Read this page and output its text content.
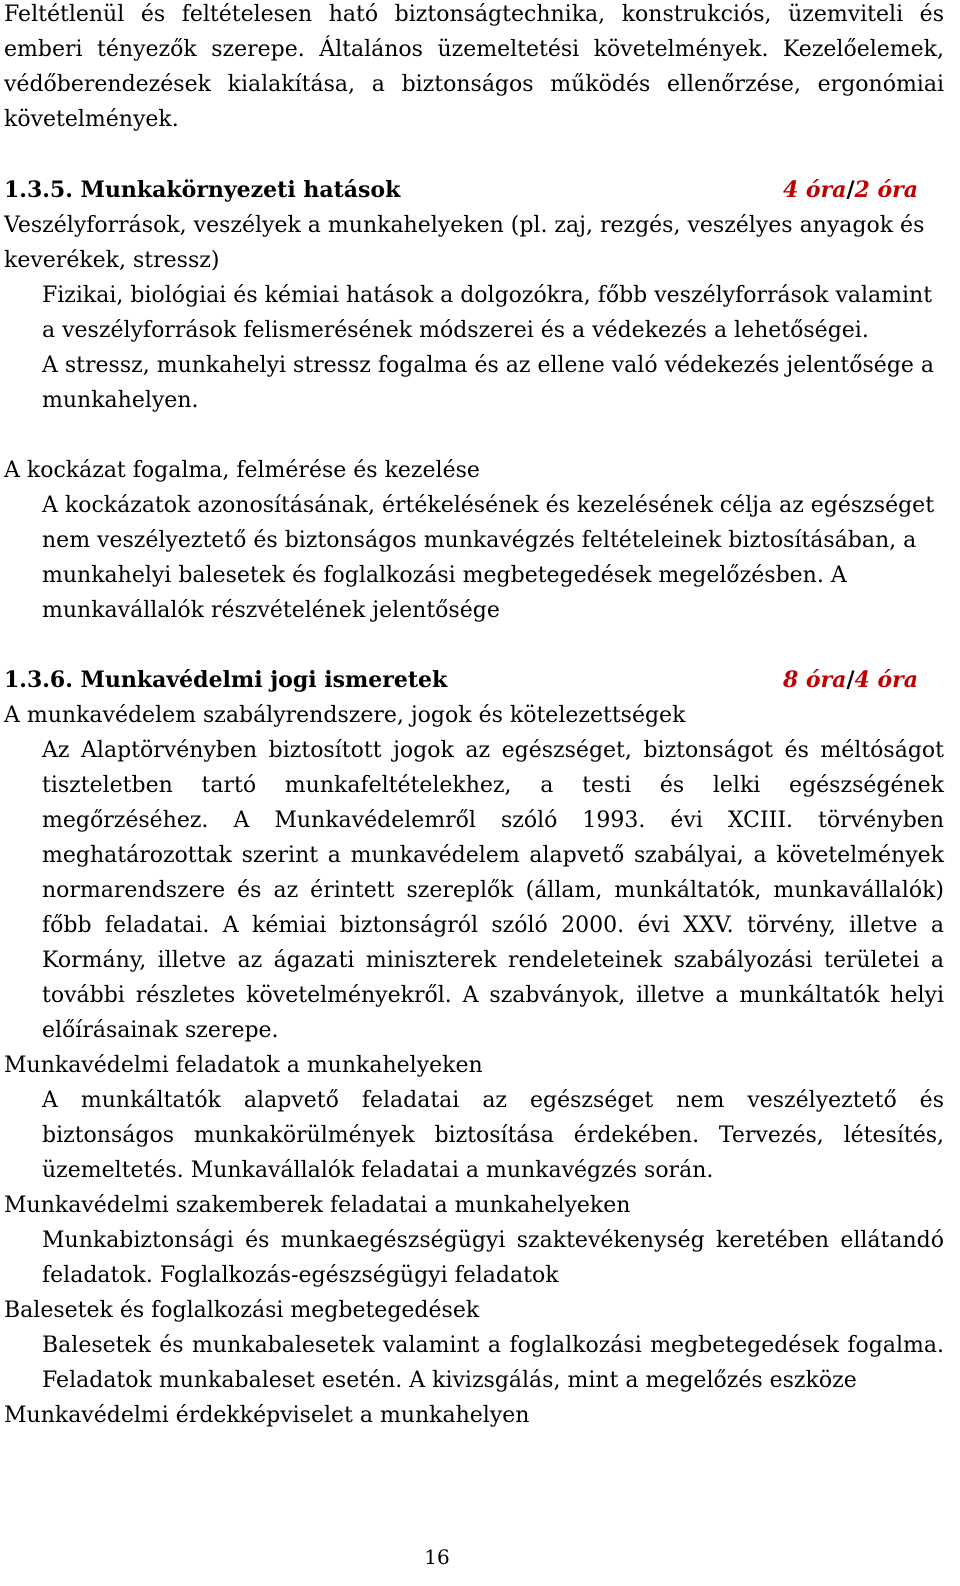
Feltétlenül és feltételesen ható biztonságtechnika, konstrukciós, üzemviteli és emberi tényezők szerepe. Általános üzemeltetési követelmények. Kezelőelemek, védőberendezések kialakítása, a biztonságos működés ellenőrzése, ergonómiai követelmények.

1.3.5. Munkakörnyezeti hatások	4 óra/2 óra

Veszélyforrások, veszélyek a munkahelyeken (pl. zaj, rezgés, veszélyes anyagok és keverékek, stressz)

Fizikai, biológiai és kémiai hatások a dolgozókra, főbb veszélyforrások valamint a veszélyforrások felismerésének módszerei és a védekezés a lehetőségei.

A stressz, munkahelyi stressz fogalma és az ellene való védekezés jelentősége a munkahelyen.

A kockázat fogalma, felmérése és kezelése

A kockázatok azonosításának, értékelésének és kezelésének célja az egészséget nem veszélyeztető és biztonságos munkavégzés feltételeinek biztosításában, a munkahelyi balesetek és foglalkozási megbetegedések megelőzésben. A munkavállalók részvételének jelentősége

1.3.6. Munkavédelmi jogi ismeretek	8 óra/4 óra

A munkavédelem szabályrendszere, jogok és kötelezettségek

Az Alaptörvényben biztosított jogok az egészséget, biztonságot és méltóságot tiszteletben tartó munkafeltételekhez, a testi és lelki egészségének megőrzéséhez. A Munkavédelemről szóló 1993. évi XCIII. törvényben meghatározottak szerint a munkavédelem alapvető szabályai, a követelmények normarendszere és az érintett szereplők (állam, munkáltatók, munkavállalók) főbb feladatai. A kémiai biztonságról szóló 2000. évi XXV. törvény, illetve a Kormány, illetve az ágazati miniszterek rendeleteinek szabályozási területei a további részletes követelményekről. A szabványok, illetve a munkáltatók helyi előírásainak szerepe.

Munkavédelmi feladatok a munkahelyeken

A munkáltatók alapvető feladatai az egészséget nem veszélyeztető és biztonságos munkakörülmények biztosítása érdekében. Tervezés, létesítés, üzemeltetés. Munkavállalók feladatai a munkavégzés során.

Munkavédelmi szakemberek feladatai a munkahelyeken

Munkabiztonsági és munkaegészségügyi szaktevékenység keretében ellátandó feladatok. Foglalkozás-egészségügyi feladatok

Balesetek és foglalkozási megbetegedések

Balesetek és munkabalesetek valamint a foglalkozási megbetegedések fogalma. Feladatok munkabaleset esetén. A kivizsgálás, mint a megelőzés eszköze

Munkavédelmi érdekképviselet a munkahelyen

16
